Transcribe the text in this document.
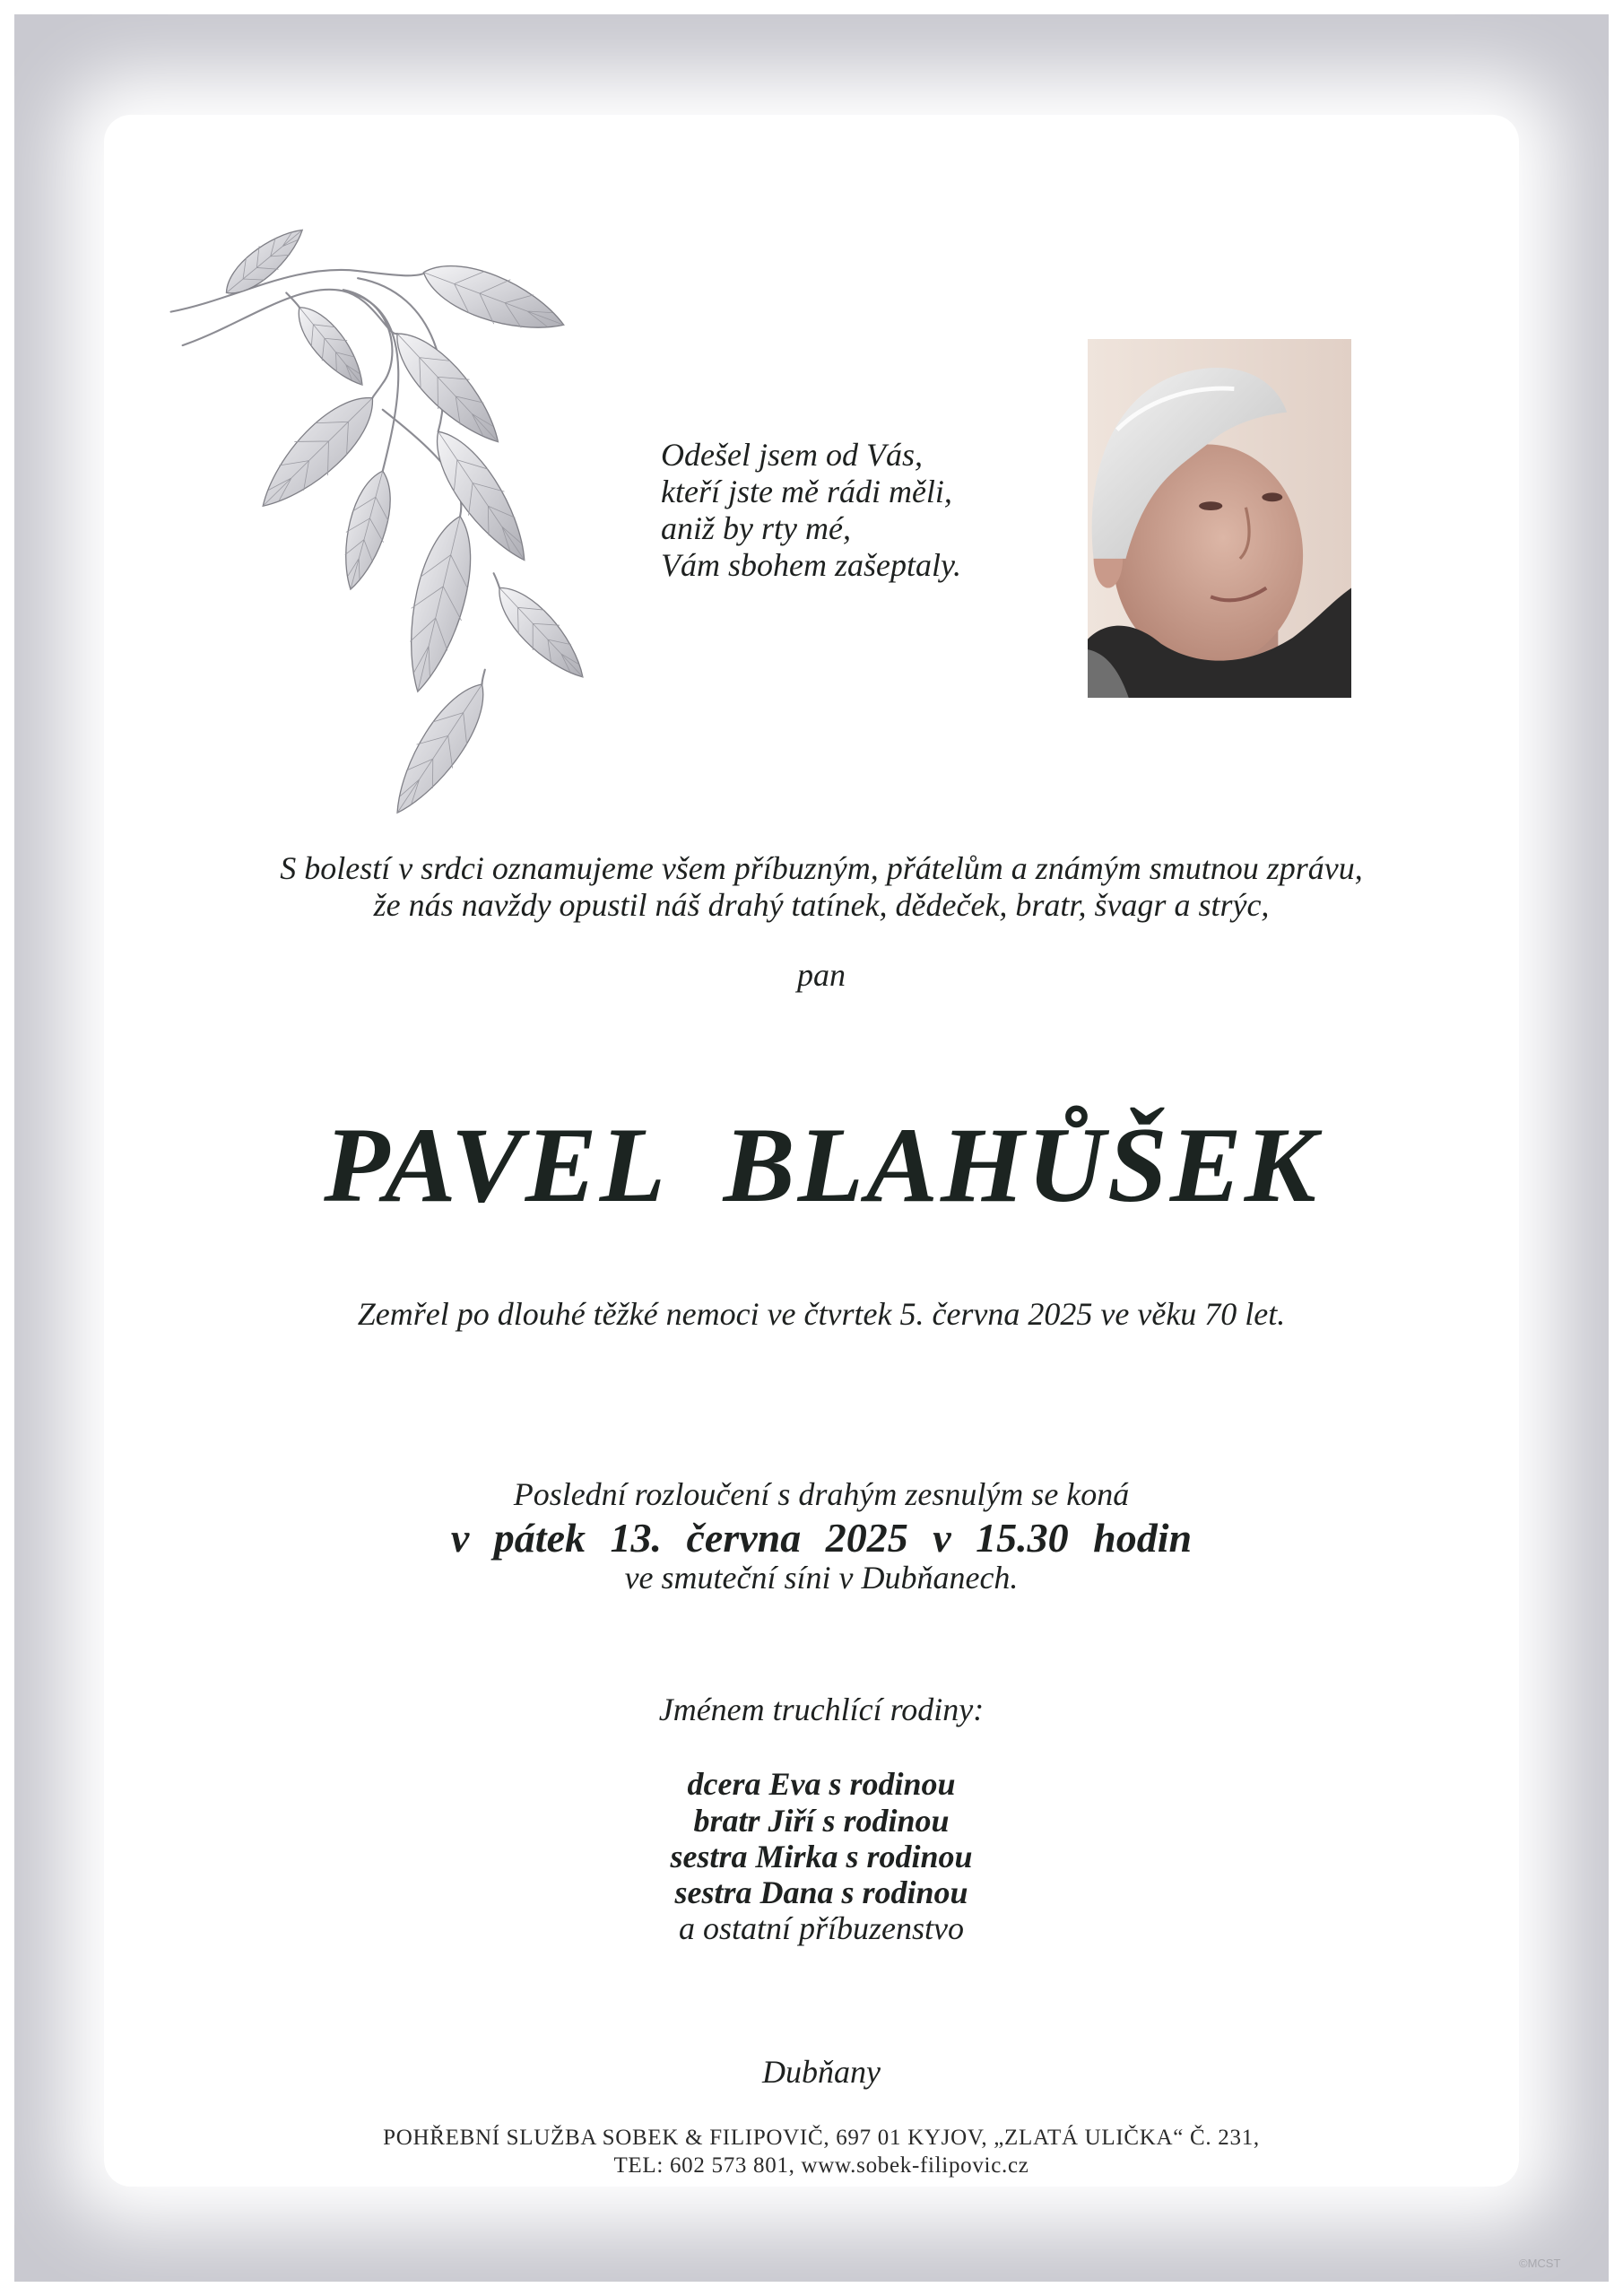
Odešel jsem od Vás,
kteří jste mě rádi měli,
aniž by rty mé,
Vám sbohem zašeptaly.
S bolestí v srdci oznamujeme všem příbuzným, přátelům a známým smutnou zprávu,
že nás navždy opustil náš drahý tatínek, dědeček, bratr, švagr a strýc,
pan
PAVEL  BLAHŮŠEK
Zemřel po dlouhé těžké nemoci ve čtvrtek 5. června 2025 ve věku 70 let.
Poslední rozloučení s drahým zesnulým se koná
v pátek 13. června 2025 v 15.30 hodin
ve smuteční síni v Dubňanech.
Jménem truchlící rodiny:
dcera Eva s rodinou
bratr Jiří s rodinou
sestra Mirka s rodinou
sestra Dana s rodinou
a ostatní příbuzenstvo
Dubňany
POHŘEBNÍ SLUŽBA SOBEK & FILIPOVIČ, 697 01 KYJOV, „ZLATÁ ULIČKA“ Č. 231,
TEL: 602 573 801, www.sobek-filipovic.cz
©MCST
